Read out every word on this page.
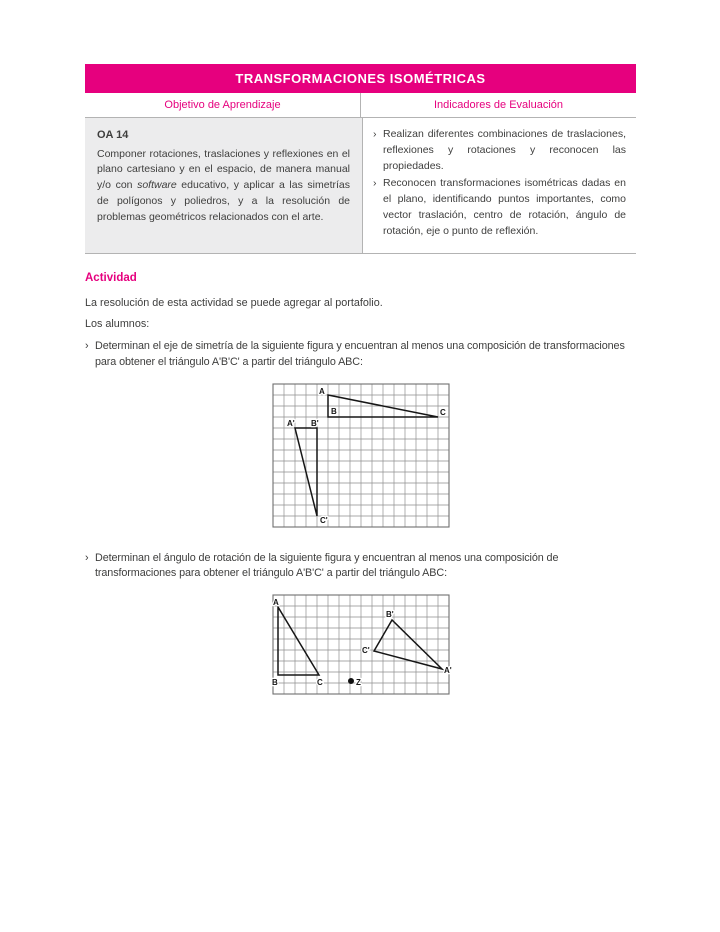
TRANSFORMACIONES ISOMÉTRICAS
Objetivo de Aprendizaje	Indicadores de Evaluación
OA 14
Componer rotaciones, traslaciones y reflexiones en el plano cartesiano y en el espacio, de manera manual y/o con software educativo, y aplicar a las simetrías de polígonos y poliedros, y a la resolución de problemas geométricos relacionados con el arte.
› Realizan diferentes combinaciones de traslaciones, reflexiones y rotaciones y reconocen las propiedades.
› Reconocen transformaciones isométricas dadas en el plano, identificando puntos importantes, como vector traslación, centro de rotación, ángulo de rotación, eje o punto de reflexión.
Actividad
La resolución de esta actividad se puede agregar al portafolio.
Los alumnos:
› Determinan el eje de simetría de la siguiente figura y encuentran al menos una composición de transformaciones para obtener el triángulo A'B'C' a partir del triángulo ABC:
A
B	C
A' B'
C'
› Determinan el ángulo de rotación de la siguiente figura y encuentran al menos una composición de transformaciones para obtener el triángulo A'B'C' a partir del triángulo ABC:
A
B	C	Z
B'
C'
A'
